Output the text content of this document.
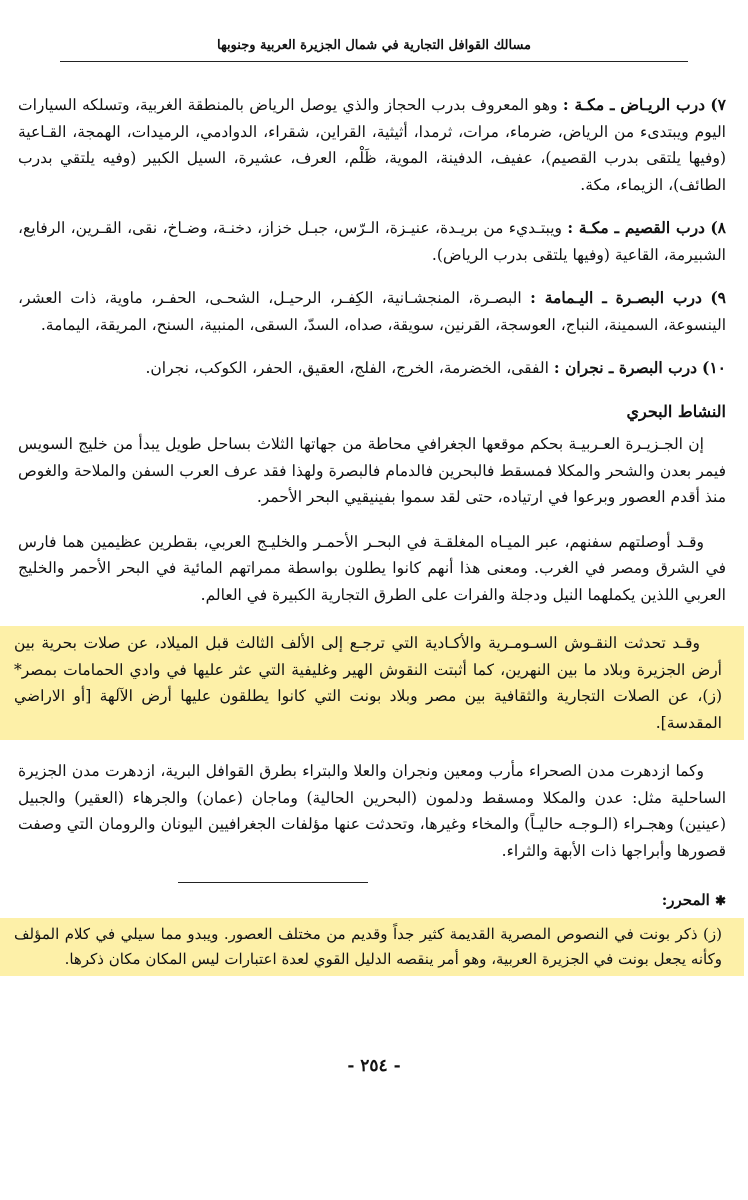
مسالك القوافل التجارية في شمال الجزيرة العربية وجنوبها

٧) درب الريـاض ـ مكـة : وهو المعروف بدرب الحجاز والذي يوصل الرياض بالمنطقة الغربية، وتسلكه السيارات اليوم ويبتدىء من الرياض، ضرماء، مرات، ثرمدا، أثيثية، القراين، شقراء، الدوادمي، الرميدات، الهمجة، القـاعية (وفيها يلتقى بدرب القصيم)، عفيف، الدفينة، الموية، ظَلْم، العرف، عشيرة، السيل الكبير (وفيه يلتقي بدرب الطائف)، الزيماء، مكة.

٨) درب القصيم ـ مكـة : ويبتـديء من بريـدة، عنيـزة، الـرّس، جبـل خزاز، دخنـة، وضـاخ، نقى، القـرين، الرفايع، الشبيرمة، القاعية (وفيها يلتقى بدرب الرياض).

٩) درب البصـرة ـ اليـمامة : البصـرة، المنجشـانية، الكِفـر، الرحيـل، الشحـى، الحفـر، ماوية، ذات العشر، الينسوعة، السمينة، النباج، العوسجة، القرنين، سويقة، صداه، السدّ، السقى، المنبية، السنح، المريقة، اليمامة.

١٠) درب البصرة ـ نجران : الفقى، الخضرمة، الخرج، الفلج، العقيق، الحفر، الكوكب، نجران.

النشاط البحري

إن الجـزيـرة العـربيـة بحكم موقعها الجغرافي محاطة من جهاتها الثلاث بساحل طويل يبدأ من خليج السويس فيمر بعدن والشحر والمكلا فمسقط فالبحرين فالدمام فالبصرة ولهذا فقد عرف العرب السفن والملاحة والغوص منذ أقدم العصور وبرعوا في ارتياده، حتى لقد سموا بفينيقيي البحر الأحمر.

وقـد أوصلتهم سفنهم، عبر الميـاه المغلقـة في البحـر الأحمـر والخليـج العربي، بقطرين عظيمين هما فارس في الشرق ومصر في الغرب. ومعنى هذا أنهم كانوا يطلون بواسطة ممراتهم المائية في البحر الأحمر والخليج العربي اللذين يكملهما النيل ودجلة والفرات على الطرق التجارية الكبيرة في العالم.

وقـد تحدثت النقـوش السـومـرية والأكـادية التي ترجـع إلى الألف الثالث قبل الميلاد، عن صلات بحرية بين أرض الجزيرة وبلاد ما بين النهرين، كما أثبتت النقوش الهير وغليفية التي عثر عليها في وادي الحمامات بمصر*(ز)، عن الصلات التجارية والثقافية بين مصر وبلاد بونت التي كانوا يطلقون عليها أرض الآلهة [أو الاراضي المقدسة].

وكما ازدهرت مدن الصحراء مأرب ومعين ونجران والعلا والبتراء بطرق القوافل البرية، ازدهرت مدن الجزيرة الساحلية مثل: عدن والمكلا ومسقط ودلمون (البحرين الحالية) وماجان (عمان) والجرهاء (العقير) والجبيل (عينين) وهجـراء (الـوجـه حاليـاً) والمخاء وغيرها، وتحدثت عنها مؤلفات الجغرافيين اليونان والرومان التي وصفت قصورها وأبراجها ذات الأبهة والثراء.

✱ المحرر:

(ز) ذكر بونت في النصوص المصرية القديمة كثير جداً وقديم من مختلف العصور. ويبدو مما سيلي في كلام المؤلف وكأنه يجعل بونت في الجزيرة العربية، وهو أمر ينقصه الدليل القوي لعدة اعتبارات ليس المكان مكان ذكرها.

- ٢٥٤ -
